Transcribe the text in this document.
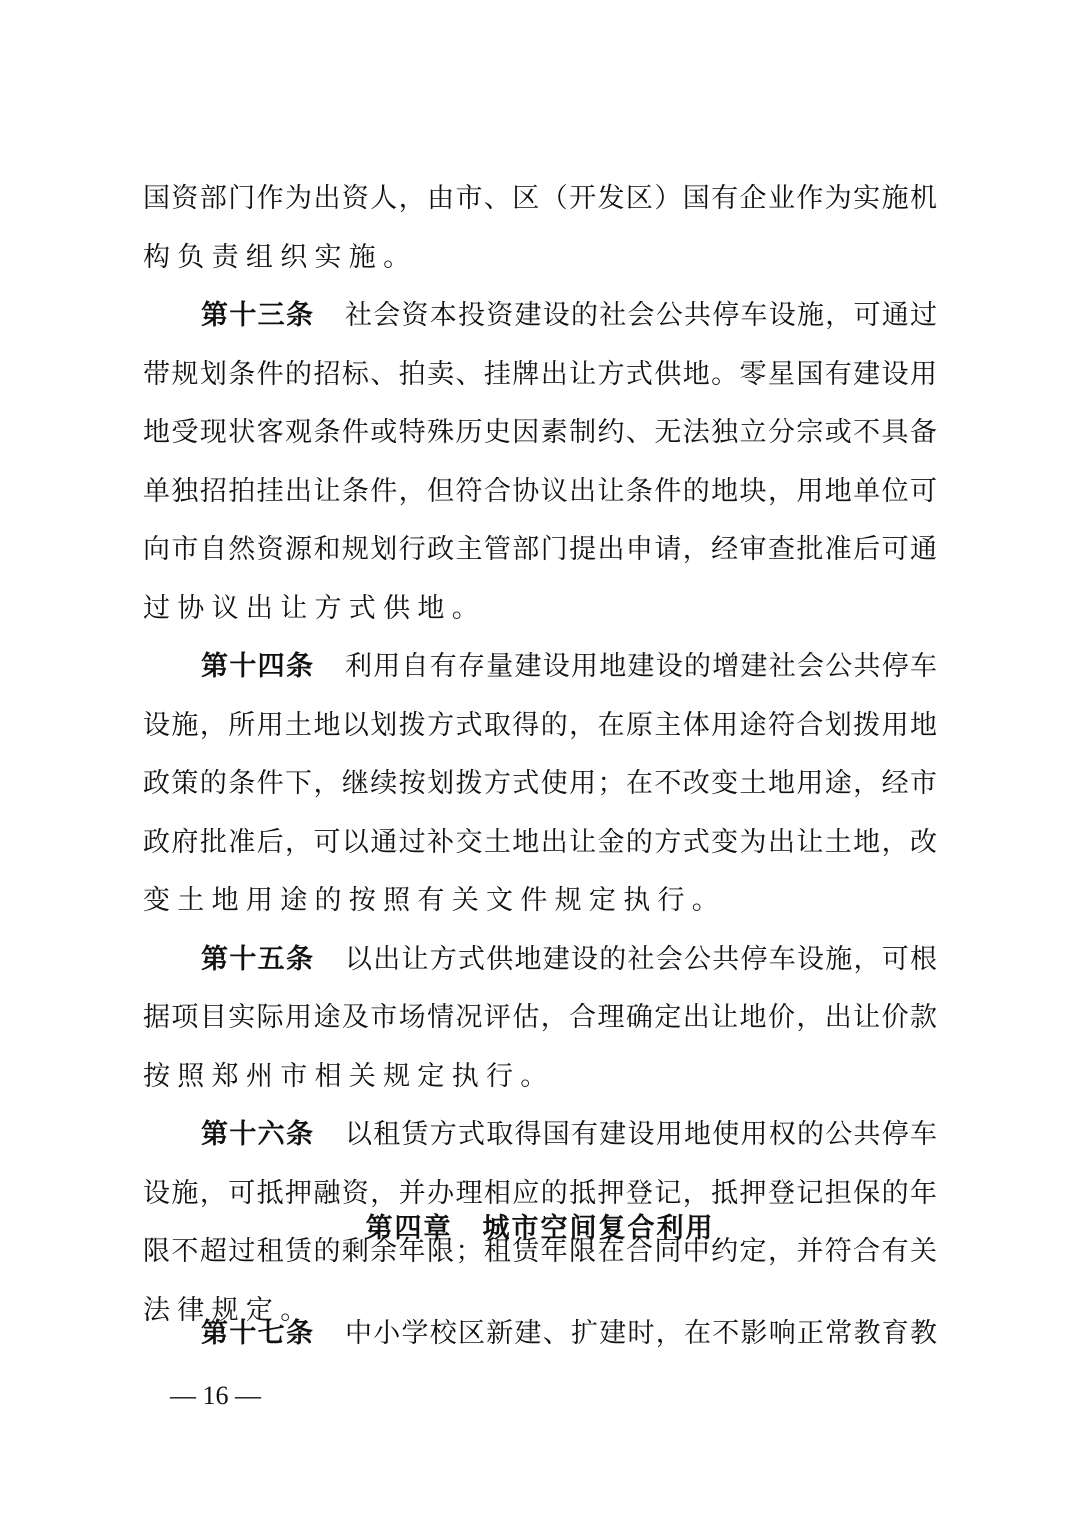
国 资 部 门 作 为 出 资 人 ， 由 市 、 区 （ 开 发 区 ） 国 有 企 业 作 为 实 施 机
构负责组织实施。
第 十 三 条 社 会 资 本 投 资 建 设 的 社 会 公 共 停 车 设 施 ， 可 通 过
带 规 划 条 件 的 招 标 、 拍 卖 、 挂 牌 出 让 方 式 供 地 。 零 星 国 有 建 设 用
地 受 现 状 客 观 条 件 或 特 殊 历 史 因 素 制 约 、 无 法 独 立 分 宗 或 不 具 备
单 独 招 拍 挂 出 让 条 件 ， 但 符 合 协 议 出 让 条 件 的 地 块 ， 用 地 单 位 可
向 市 自 然 资 源 和 规 划 行 政 主 管 部 门 提 出 申 请 ， 经 审 查 批 准 后 可 通
过协议出让方式供地。
第 十 四 条 利 用 自 有 存 量 建 设 用 地 建 设 的 增 建 社 会 公 共 停 车
设 施 ， 所 用 土 地 以 划 拨 方 式 取 得 的 ， 在 原 主 体 用 途 符 合 划 拨 用 地
政 策 的 条 件 下 ， 继 续 按 划 拨 方 式 使 用 ； 在 不 改 变 土 地 用 途 ， 经 市
政 府 批 准 后 ， 可 以 通 过 补 交 土 地 出 让 金 的 方 式 变 为 出 让 土 地 ， 改
变土地用途的按照有关文件规定执行。
第 十 五 条 以 出 让 方 式 供 地 建 设 的 社 会 公 共 停 车 设 施 ， 可 根
据 项 目 实 际 用 途 及 市 场 情 况 评 估 ， 合 理 确 定 出 让 地 价 ， 出 让 价 款
按照郑州市相关规定执行。
第 十 六 条 以 租 赁 方 式 取 得 国 有 建 设 用 地 使 用 权 的 公 共 停 车
设 施 ， 可 抵 押 融 资 ， 并 办 理 相 应 的 抵 押 登 记 ， 抵 押 登 记 担 保 的 年
限 不 超 过 租 赁 的 剩 余 年 限 ； 租 赁 年 限 在 合 同 中 约 定 ， 并 符 合 有 关
法律规定。
第四章 城市空间复合利用
第 十 七 条 中 小 学 校 区 新 建 、 扩 建 时 ， 在 不 影 响 正 常 教 育 教
— 16 —
